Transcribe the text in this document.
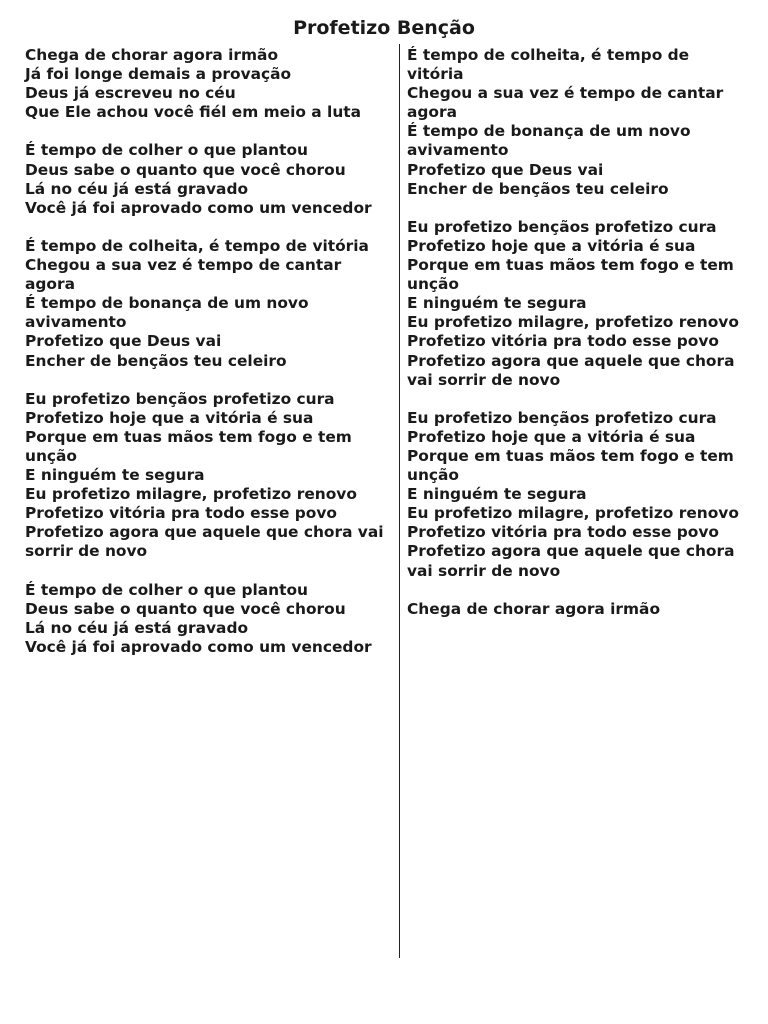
Profetizo Benção
Chega de chorar agora irmão
Já foi longe demais a provação
Deus já escreveu no céu
Que Ele achou você fiél em meio a luta
É tempo de colher o que plantou
Deus sabe o quanto que você chorou
Lá no céu já está gravado
Você já foi aprovado como um vencedor
É tempo de colheita, é tempo de vitória
Chegou a sua vez é tempo de cantar agora
É tempo de bonança de um novo avivamento
Profetizo que Deus vai
Encher de bençãos teu celeiro
Eu profetizo bençãos profetizo cura
Profetizo hoje que a vitória é sua
Porque em tuas mãos tem fogo e tem unção
E ninguém te segura
Eu profetizo milagre, profetizo renovo
Profetizo vitória pra todo esse povo
Profetizo agora que aquele que chora vai sorrir de novo
É tempo de colher o que plantou
Deus sabe o quanto que você chorou
Lá no céu já está gravado
Você já foi aprovado como um vencedor
É tempo de colheita, é tempo de vitória
Chegou a sua vez é tempo de cantar agora
É tempo de bonança de um novo avivamento
Profetizo que Deus vai
Encher de bençãos teu celeiro
Eu profetizo bençãos profetizo cura
Profetizo hoje que a vitória é sua
Porque em tuas mãos tem fogo e tem unção
E ninguém te segura
Eu profetizo milagre, profetizo renovo
Profetizo vitória pra todo esse povo
Profetizo agora que aquele que chora vai sorrir de novo
Eu profetizo bençãos profetizo cura
Profetizo hoje que a vitória é sua
Porque em tuas mãos tem fogo e tem unção
E ninguém te segura
Eu profetizo milagre, profetizo renovo
Profetizo vitória pra todo esse povo
Profetizo agora que aquele que chora vai sorrir de novo
Chega de chorar agora irmão
